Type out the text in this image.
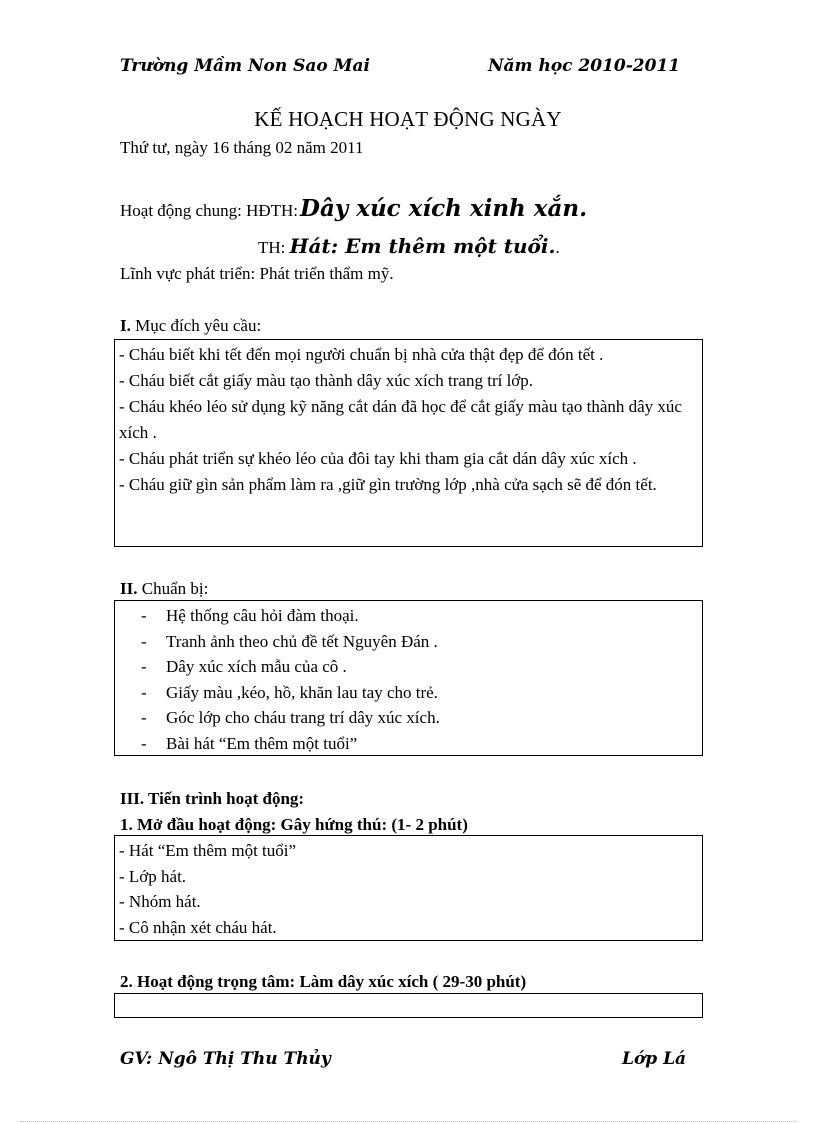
Trường Mầm Non Sao Mai	Năm học 2010-2011
KẾ HOẠCH HOẠT ĐỘNG NGÀY
Thứ tư, ngày 16 tháng 02 năm 2011
Hoạt động chung: HĐTH:Dây xúc xích xinh xắn.
TH: Hát: Em thêm một tuổi..
Lĩnh vực phát triển: Phát triển thẩm mỹ.
I. Mục đích yêu cầu:
- Cháu biết khi tết đến mọi người chuẩn bị nhà cửa thật đẹp để đón tết .
- Cháu biết cắt giấy màu tạo thành dây xúc xích trang trí lớp.
- Cháu khéo léo sử dụng kỹ năng cắt dán đã học để cắt giấy màu tạo thành dây xúc xích .
- Cháu phát triển sự khéo léo của đôi tay khi tham gia cắt dán dây xúc xích .
- Cháu giữ gìn sản phẩm làm ra ,giữ gìn trường lớp ,nhà cửa sạch sẽ để đón tết.
II. Chuẩn bị:
- Hệ thống câu hỏi đàm thoại.
- Tranh ảnh theo chủ đề tết Nguyên Đán .
- Dây xúc xích mẫu của cô .
- Giấy màu ,kéo, hồ, khăn lau tay cho trẻ.
- Góc lớp cho cháu trang trí dây xúc xích.
- Bài hát “Em thêm một tuổi”
III. Tiến trình hoạt động:
1. Mở đầu hoạt động: Gây hứng thú: (1- 2 phút)
- Hát “Em thêm một tuổi”
- Lớp hát.
- Nhóm hát.
- Cô nhận xét cháu hát.
2. Hoạt động trọng tâm: Làm dây xúc xích ( 29-30 phút)
GV: Ngô Thị Thu Thủy	Lớp Lá
